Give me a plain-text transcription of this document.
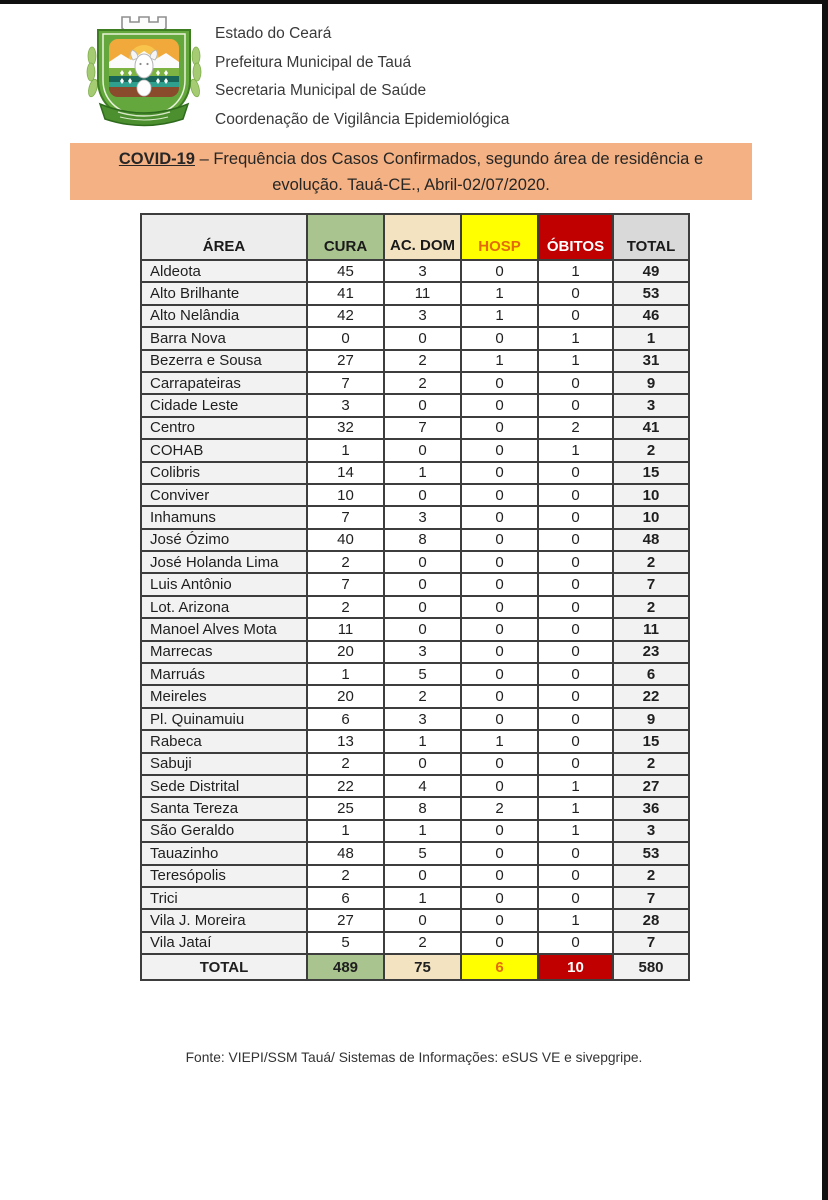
Estado do Ceará
Prefeitura Municipal de Tauá
Secretaria Municipal de Saúde
Coordenação de Vigilância Epidemiológica
COVID-19 – Frequência dos Casos Confirmados, segundo área de residência e
evolução. Tauá-CE., Abril-02/07/2020.
ÁREA	CURA	AC. DOM	HOSP	ÓBITOS	TOTAL
Aldeota	45	3	0	1	49
Alto Brilhante	41	11	1	0	53
Alto Nelândia	42	3	1	0	46
Barra Nova	0	0	0	1	1
Bezerra e Sousa	27	2	1	1	31
Carrapateiras	7	2	0	0	9
Cidade Leste	3	0	0	0	3
Centro	32	7	0	2	41
COHAB	1	0	0	1	2
Colibris	14	1	0	0	15
Conviver	10	0	0	0	10
Inhamuns	7	3	0	0	10
José Ózimo	40	8	0	0	48
José Holanda Lima	2	0	0	0	2
Luis Antônio	7	0	0	0	7
Lot. Arizona	2	0	0	0	2
Manoel Alves Mota	11	0	0	0	11
Marrecas	20	3	0	0	23
Marruás	1	5	0	0	6
Meireles	20	2	0	0	22
Pl. Quinamuiu	6	3	0	0	9
Rabeca	13	1	1	0	15
Sabuji	2	0	0	0	2
Sede Distrital	22	4	0	1	27
Santa Tereza	25	8	2	1	36
São Geraldo	1	1	0	1	3
Tauazinho	48	5	0	0	53
Teresópolis	2	0	0	0	2
Trici	6	1	0	0	7
Vila J. Moreira	27	0	0	1	28
Vila Jataí	5	2	0	0	7
TOTAL	489	75	6	10	580
Fonte: VIEPI/SSM Tauá/ Sistemas de Informações: eSUS VE e sivepgripe.
